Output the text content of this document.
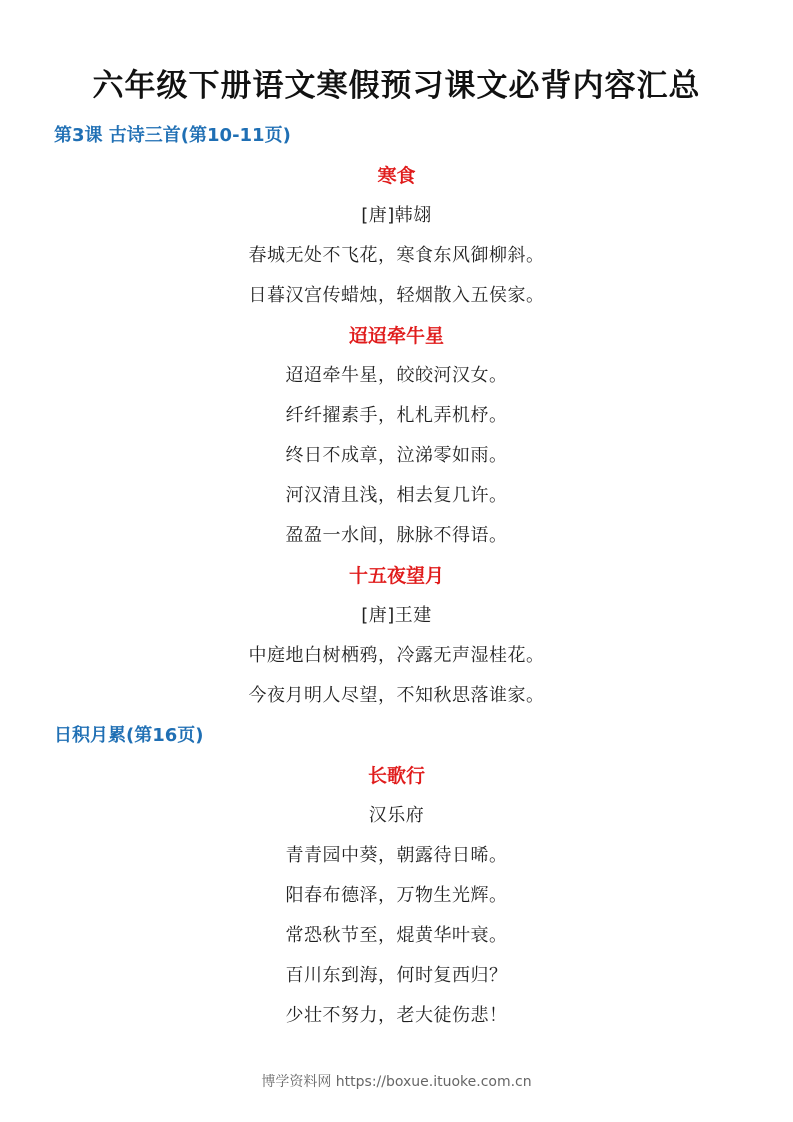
六年级下册语文寒假预习课文必背内容汇总
第3课 古诗三首(第10-11页)
寒食
[唐]韩翃
春城无处不飞花，寒食东风御柳斜。
日暮汉宫传蜡烛，轻烟散入五侯家。
迢迢牵牛星
迢迢牵牛星，皎皎河汉女。
纤纤擢素手，札札弄机杼。
终日不成章，泣涕零如雨。
河汉清且浅，相去复几许。
盈盈一水间，脉脉不得语。
十五夜望月
[唐]王建
中庭地白树栖鸦，冷露无声湿桂花。
今夜月明人尽望，不知秋思落谁家。
日积月累(第16页)
长歌行
汉乐府
青青园中葵，朝露待日晞。
阳春布德泽，万物生光辉。
常恐秋节至，焜黄华叶衰。
百川东到海，何时复西归？
少壮不努力，老大徒伤悲！
博学资料网 https://boxue.ituoke.com.cn
